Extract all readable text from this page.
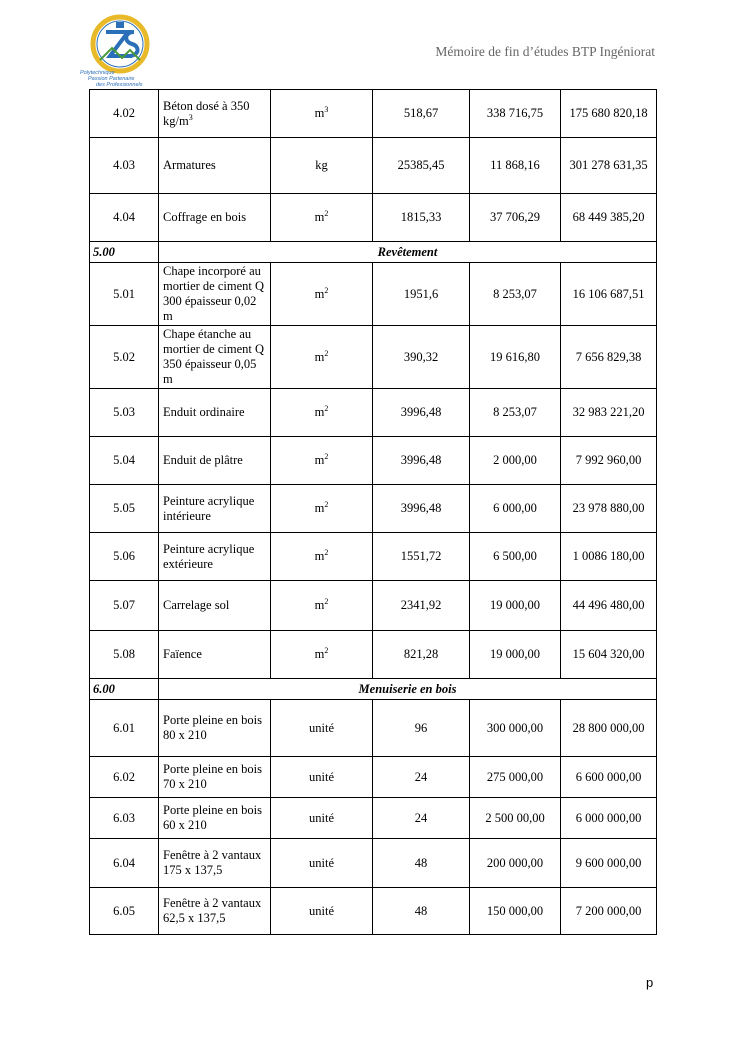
Polytechnique
Passion Partenaire
des Professionnels
Mémoire de fin d’études BTP Ingéniorat
4.02	Béton dosé à 350 $kg/m^3$	$m^3$	518,67	338 716,75	175 680 820,18
4.03	Armatures	kg	25385,45	11 868,16	301 278 631,35
4.04	Coffrage en bois	$m^2$	1815,33	37 706,29	68 449 385,20
5.00	Revêtement				
5.01	Chape incorporé au mortier de ciment Q 300 épaisseur 0,02 m	$m^2$	1951,6	8 253,07	16 106 687,51
5.02	Chape étanche au mortier de ciment Q 350 épaisseur 0,05 m	$m^2$	390,32	19 616,80	7 656 829,38
5.03	Enduit ordinaire	$m^2$	3996,48	8 253,07	32 983 221,20
5.04	Enduit de plâtre	$m^2$	3996,48	2 000,00	7 992 960,00
5.05	Peinture acrylique intérieure	$m^2$	3996,48	6 000,00	23 978 880,00
5.06	Peinture acrylique extérieure	$m^2$	1551,72	6 500,00	1 0086 180,00
5.07	Carrelage sol	$m^2$	2341,92	19 000,00	44 496 480,00
5.08	Faïence	$m^2$	821,28	19 000,00	15 604 320,00
6.00	Menuiserie en bois				
6.01	Porte pleine en bois 80 x 210	unité	96	300 000,00	28 800 000,00
6.02	Porte pleine en bois 70 x 210	unité	24	275 000,00	6 600 000,00
6.03	Porte pleine en bois 60 x 210	unité	24	2 500 00,00	6 000 000,00
6.04	Fenêtre à 2 vantaux 175 x 137,5	unité	48	200 000,00	9 600 000,00
6.05	Fenêtre à 2 vantaux 62,5 x 137,5	unité	48	150 000,00	7 200 000,00
p
